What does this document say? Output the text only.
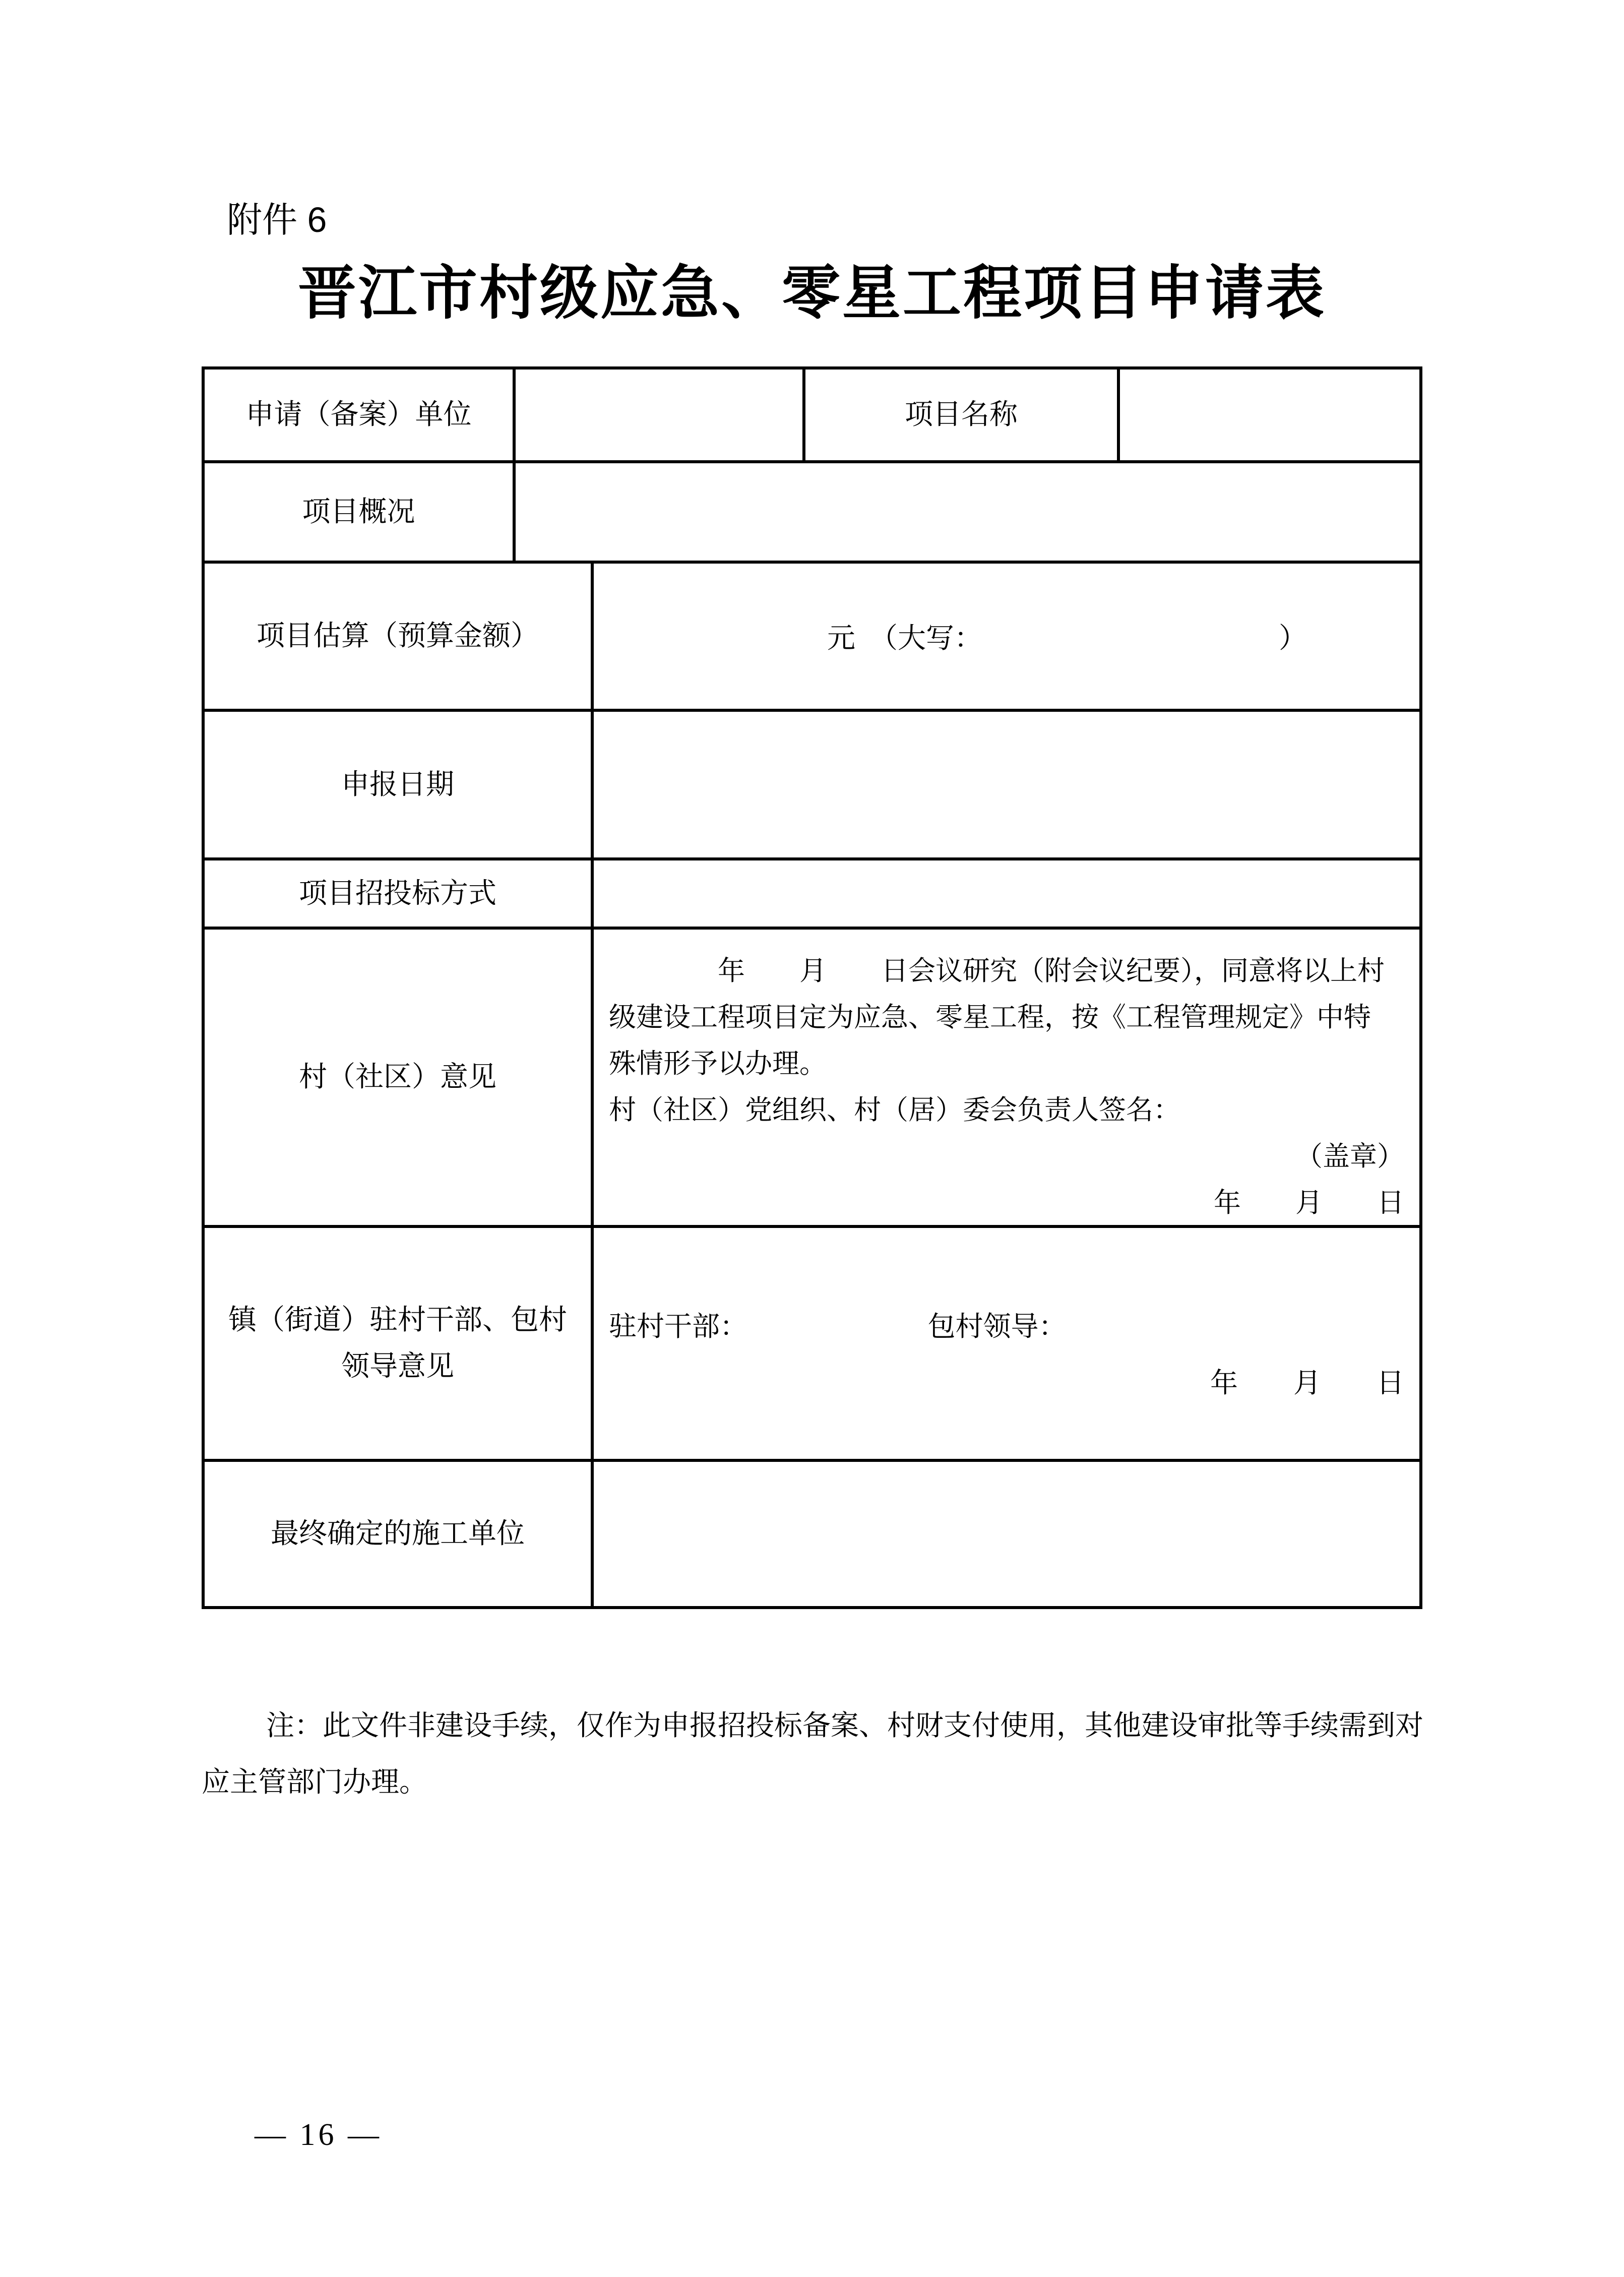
附件 6
晋江市村级应急、零星工程项目申请表
申请（备案）单位	项目名称
项目概况
项目估算（预算金额）	元　（大写：　　　　　　　　　　　）
申报日期
项目招投标方式
村（社区）意见
　　　　年　　月　　日会议研究（附会议纪要），同意将以上村
级建设工程项目定为应急、零星工程，按《工程管理规定》中特
殊情形予以办理。
村（社区）党组织、村（居）委会负责人签名：
（盖章）
年　　月　　日
镇（街道）驻村干部、包村
领导意见
驻村干部：　　　　　　　包村领导：
年　　月　　日
最终确定的施工单位
注：此文件非建设手续，仅作为申报招投标备案、村财支付使用，其他建设审批等手续需到对
应主管部门办理。
— 16 —
